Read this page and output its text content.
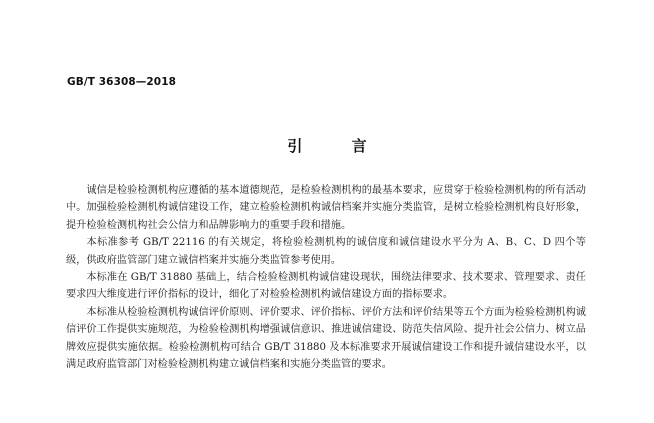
GB/T 36308—2018
引 言

诚信是检验检测机构应遵循的基本道德规范，是检验检测机构的最基本要求，应贯穿于检验检测机构的所有活动中。加强检验检测机构诚信建设工作，建立检验检测机构诚信档案并实施分类监管，是树立检验检测机构良好形象，提升检验检测机构社会公信力和品牌影响力的重要手段和措施。

本标准参考 GB/T 22116 的有关规定，将检验检测机构的诚信度和诚信建设水平分为 A、B、C、D 四个等级，供政府监管部门建立诚信档案并实施分类监管参考使用。

本标准在 GB/T 31880 基础上，结合检验检测机构诚信建设现状，围绕法律要求、技术要求、管理要求、责任要求四大维度进行评价指标的设计，细化了对检验检测机构诚信建设方面的指标要求。

本标准从检验检测机构诚信评价原则、评价要求、评价指标、评价方法和评价结果等五个方面为检验检测机构诚信评价工作提供实施规范，为检验检测机构增强诚信意识、推进诚信建设、防范失信风险、提升社会公信力、树立品牌效应提供实施依据。检验检测机构可结合 GB/T 31880 及本标准要求开展诚信建设工作和提升诚信建设水平，以满足政府监管部门对检验检测机构建立诚信档案和实施分类监管的要求。
